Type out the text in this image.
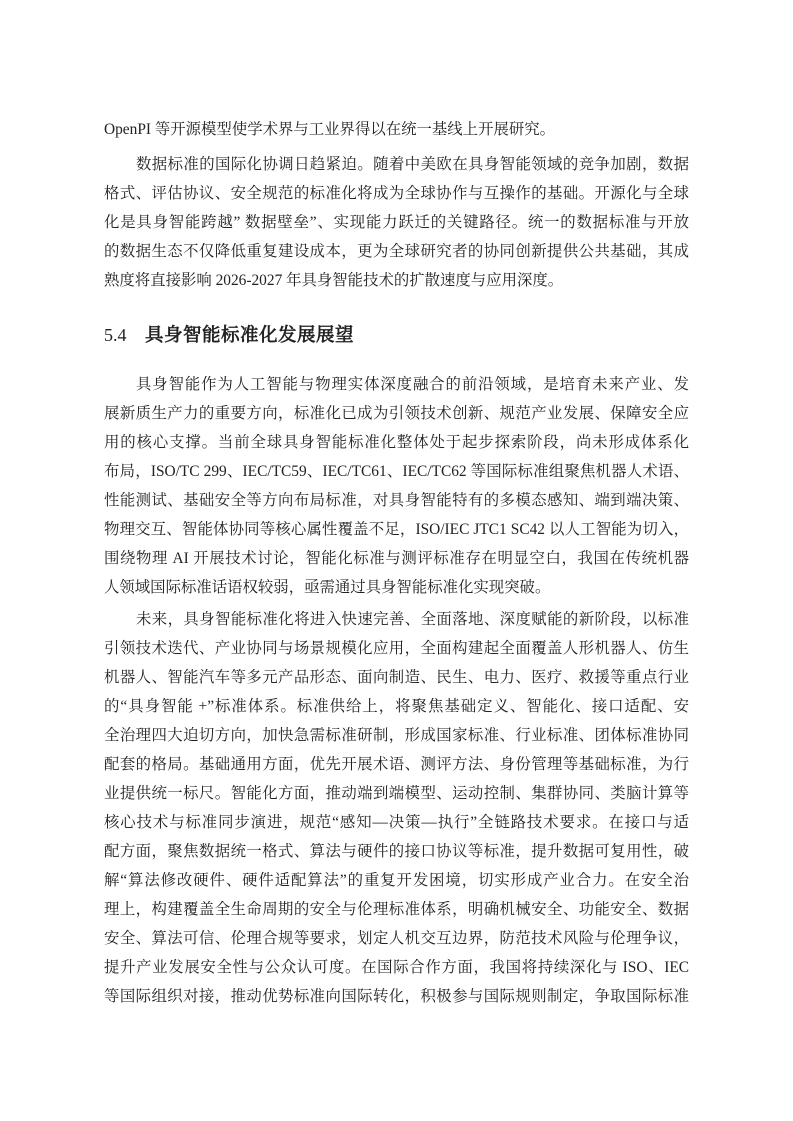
OpenPI 等开源模型使学术界与工业界得以在统一基线上开展研究。
数据标准的国际化协调日趋紧迫。随着中美欧在具身智能领域的竞争加剧，数据
格式、评估协议、安全规范的标准化将成为全球协作与互操作的基础。开源化与全球
化是具身智能跨越” 数据壁垒”、实现能力跃迁的关键路径。统一的数据标准与开放
的数据生态不仅降低重复建设成本，更为全球研究者的协同创新提供公共基础，其成
熟度将直接影响 2026-2027 年具身智能技术的扩散速度与应用深度。
5.4 具身智能标准化发展展望
具身智能作为人工智能与物理实体深度融合的前沿领域，是培育未来产业、发
展新质生产力的重要方向，标准化已成为引领技术创新、规范产业发展、保障安全应
用的核心支撑。当前全球具身智能标准化整体处于起步探索阶段，尚未形成体系化
布局，ISO/TC 299、IEC/TC59、IEC/TC61、IEC/TC62 等国际标准组聚焦机器人术语、
性能测试、基础安全等方向布局标准，对具身智能特有的多模态感知、端到端决策、
物理交互、智能体协同等核心属性覆盖不足，ISO/IEC JTC1 SC42 以人工智能为切入，
围绕物理 AI 开展技术讨论，智能化标准与测评标准存在明显空白，我国在传统机器
人领域国际标准话语权较弱，亟需通过具身智能标准化实现突破。
未来，具身智能标准化将进入快速完善、全面落地、深度赋能的新阶段，以标准
引领技术迭代、产业协同与场景规模化应用，全面构建起全面覆盖人形机器人、仿生
机器人、智能汽车等多元产品形态、面向制造、民生、电力、医疗、救援等重点行业
的“具身智能 +”标准体系。标准供给上，将聚焦基础定义、智能化、接口适配、安
全治理四大迫切方向，加快急需标准研制，形成国家标准、行业标准、团体标准协同
配套的格局。基础通用方面，优先开展术语、测评方法、身份管理等基础标准，为行
业提供统一标尺。智能化方面，推动端到端模型、运动控制、集群协同、类脑计算等
核心技术与标准同步演进，规范“感知—决策—执行”全链路技术要求。在接口与适
配方面，聚焦数据统一格式、算法与硬件的接口协议等标准，提升数据可复用性，破
解“算法修改硬件、硬件适配算法”的重复开发困境，切实形成产业合力。在安全治
理上，构建覆盖全生命周期的安全与伦理标准体系，明确机械安全、功能安全、数据
安全、算法可信、伦理合规等要求，划定人机交互边界，防范技术风险与伦理争议，
提升产业发展安全性与公众认可度。在国际合作方面，我国将持续深化与 ISO、IEC
等国际组织对接，推动优势标准向国际转化，积极参与国际规则制定，争取国际标准
